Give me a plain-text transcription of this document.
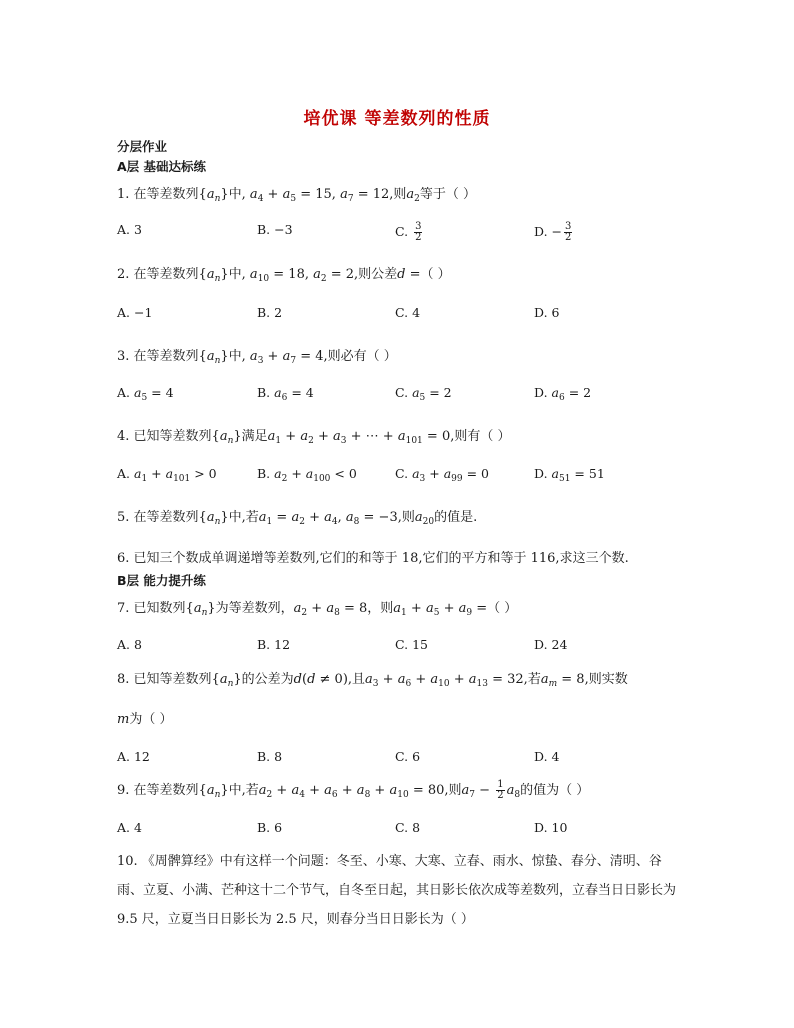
培优课 等差数列的性质
分层作业
A层 基础达标练
1. 在等差数列$\{a_n\}$中, $a_4 + a_5 = 15$, $a_7 = 12$,则$a_2$等于（ ）
A. 3	B. −3	C. $\frac{3}{2}$	D. − $\frac{3}{2}$
2. 在等差数列$\{a_n\}$中, $a_{10} = 18$, $a_2 = 2$,则公差d =（ ）
A. −1	B. 2	C. 4	D. 6
3. 在等差数列$\{a_n\}$中, $a_3 + a_7 = 4$,则必有（ ）
A. $a_5 = 4$	B. $a_6 = 4$	C. $a_5 = 2$	D. $a_6 = 2$
4. 已知等差数列$\{a_n\}$满足$a_1 + a_2 + a_3$ + ⋯ + $a_{101} = 0$,则有（ ）
A. $a_1 + a_{101} > 0$	B. $a_2 + a_{100} < 0$	C. $a_3 + a_{99} = 0$	D. $a_{51} = 51$
5. 在等差数列$\{a_n\}$中,若$a_1 = a_2 + a_4$, $a_8 = -3$,则$a_{20}$的值是.
6. 已知三个数成单调递增等差数列,它们的和等于 18,它们的平方和等于 116,求这三个数.
B层 能力提升练
7. 已知数列$\{a_n\}$为等差数列，$a_2 + a_8 = 8$，则$a_1 + a_5 + a_9$ =（ ）
A. 8	B. 12	C. 15	D. 24
8. 已知等差数列$\{a_n\}$的公差为d(d ≠ 0),且$a_3 + a_6 + a_{10} + a_{13} = 32$,若$a_m = 8$,则实数
m为（ ）
A. 12	B. 8	C. 6	D. 4
9. 在等差数列$\{a_n\}$中,若$a_2 + a_4 + a_6 + a_8 + a_{10} = 80$,则$a_7 - \frac{1}{2} a_8$的值为（ ）
A. 4	B. 6	C. 8	D. 10
10. 《周髀算经》中有这样一个问题：冬至、小寒、大寒、立春、雨水、惊蛰、春分、清明、谷雨、立夏、小满、芒种这十二个节气，自冬至日起，其日影长依次成等差数列，立春当日日影长为 9.5 尺，立夏当日日影长为 2.5 尺，则春分当日日影长为（ ）
